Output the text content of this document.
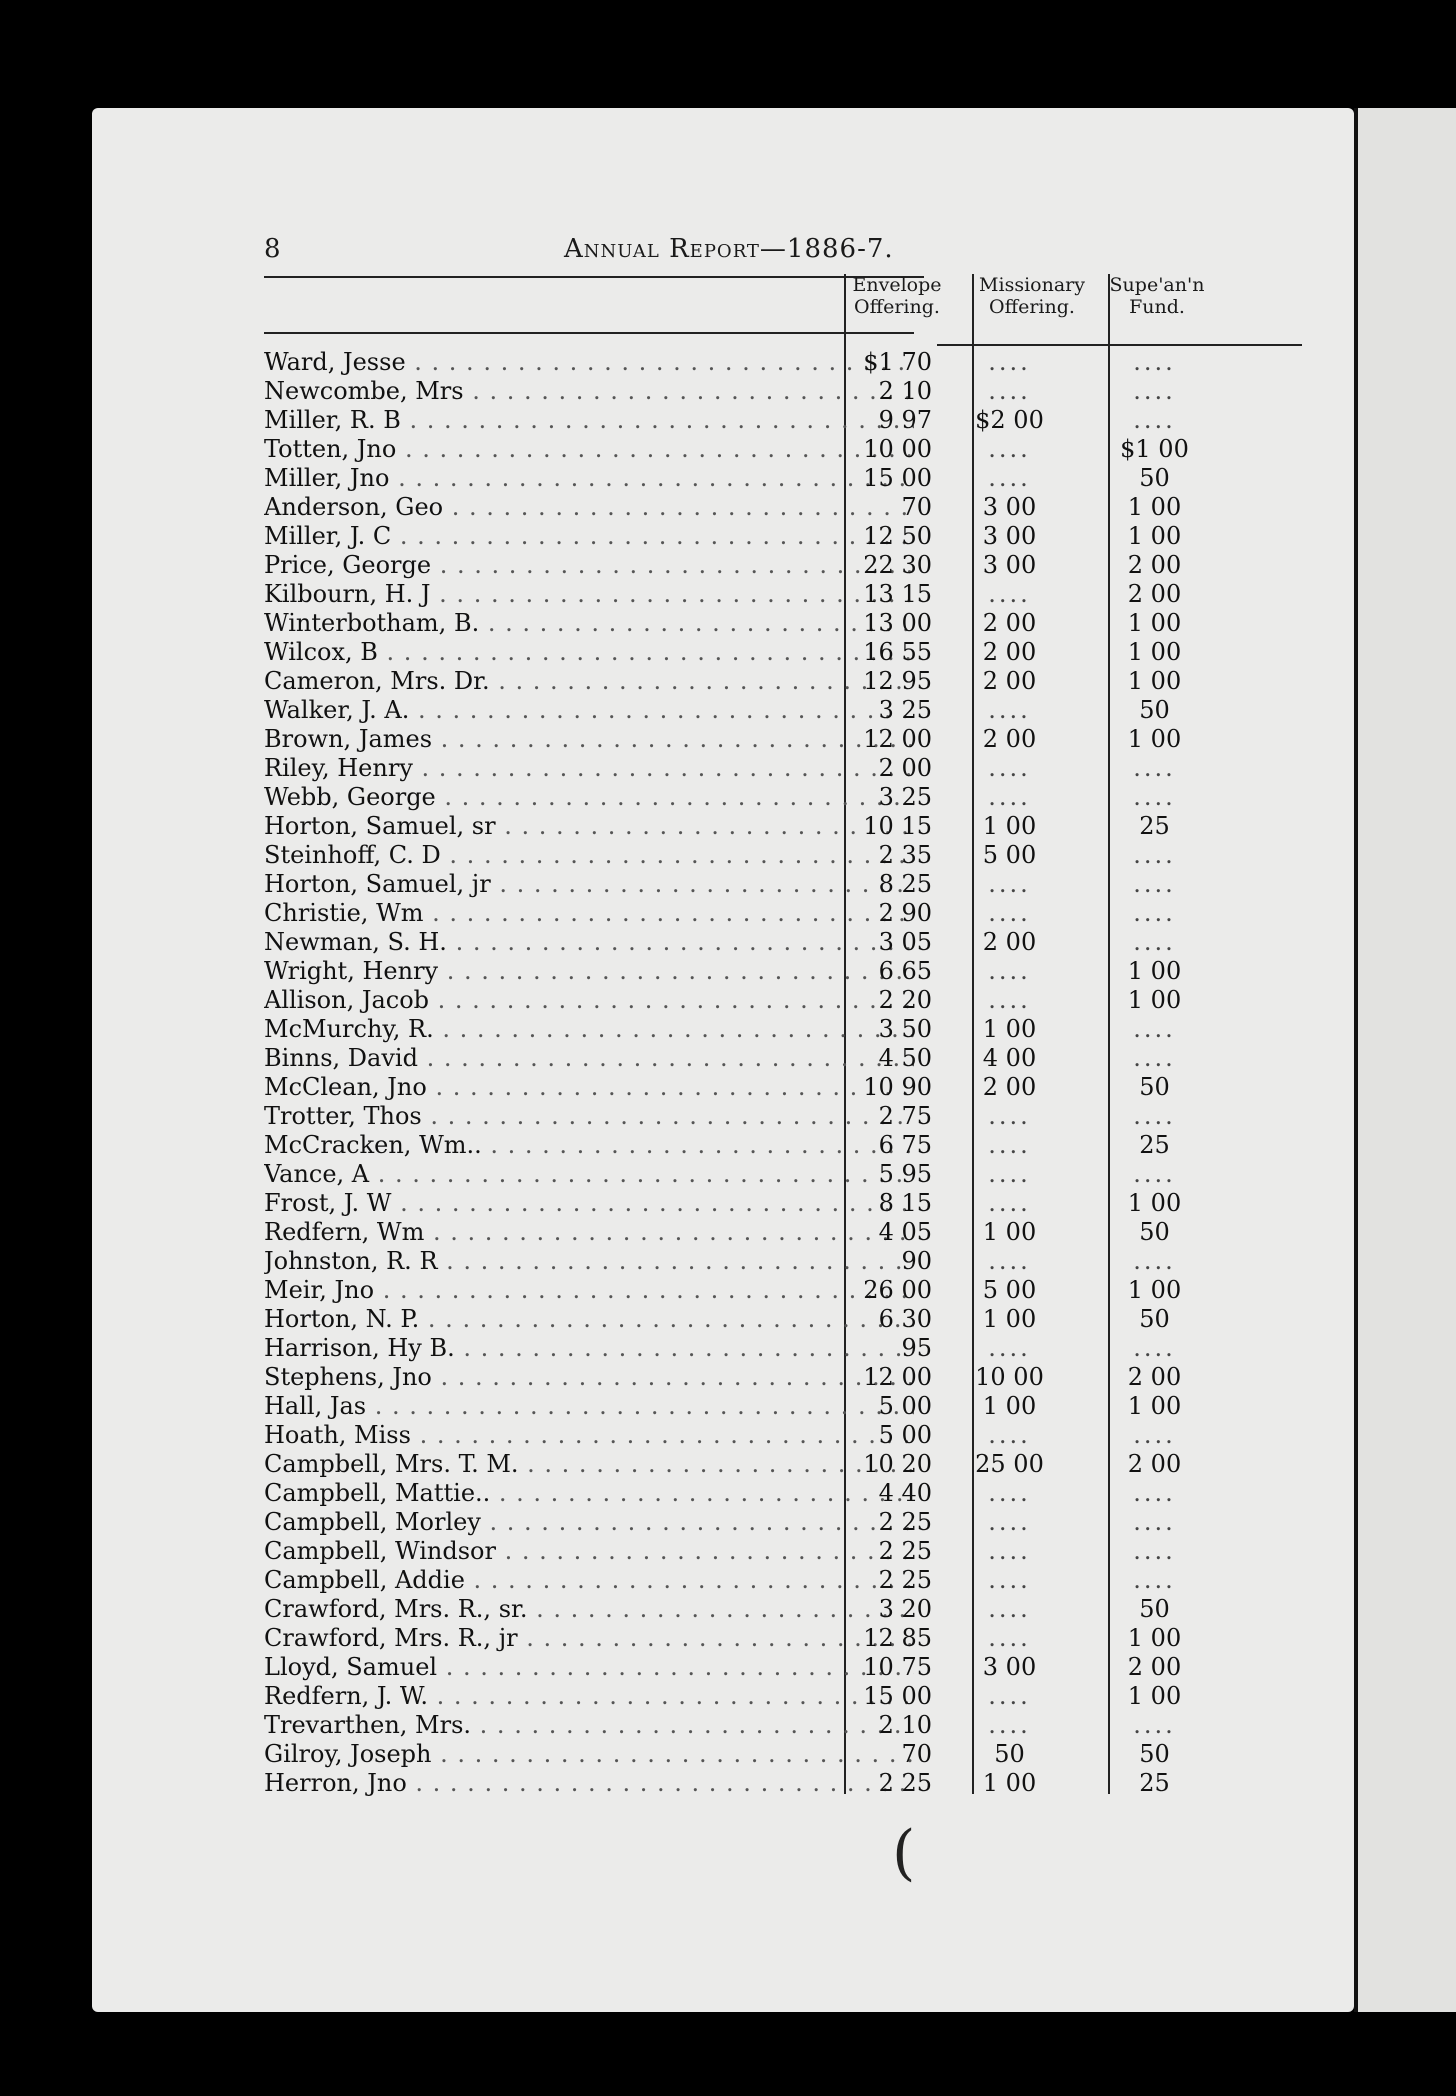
8	Annual Report—1886-7.
Envelope Offering.
Missionary Offering.
Supe'an'n Fund.
Ward, Jesse . . .	$1 70	....	....
Newcombe, Mrs . . .	2 10	....	....
Miller, R. B . . .	9 97	$2 00	....
Totten, Jno . . .	10 00	....	$1 00
Miller, Jno . . .	15 00	....	50
Anderson, Geo . . .	70	3 00	1 00
Miller, J. C . . .	12 50	3 00	1 00
Price, George . . .	22 30	3 00	2 00
Kilbourn, H. J . . .	13 15	....	2 00
Winterbotham, B. . . .	13 00	2 00	1 00
Wilcox, B . . .	16 55	2 00	1 00
Cameron, Mrs. Dr. . . .	12 95	2 00	1 00
Walker, J. A. . . .	3 25	....	50
Brown, James . . .	12 00	2 00	1 00
Riley, Henry . . .	2 00	....	....
Webb, George . . .	3 25	....	....
Horton, Samuel, sr . . .	10 15	1 00	25
Steinhoff, C. D . . .	2 35	5 00	....
Horton, Samuel, jr . . .	8 25	....	....
Christie, Wm . . .	2 90	....	....
Newman, S. H. . . .	3 05	2 00	....
Wright, Henry . . .	6 65	....	1 00
Allison, Jacob . . .	2 20	....	1 00
McMurchy, R. . . .	3 50	1 00	....
Binns, David . . .	4 50	4 00	....
McClean, Jno . . .	10 90	2 00	50
Trotter, Thos . . .	2 75	....	....
McCracken, Wm.. . . .	6 75	....	25
Vance, A . . .	5 95	....	....
Frost, J. W . . .	8 15	....	1 00
Redfern, Wm . . .	4 05	1 00	50
Johnston, R. R . . .	90	....	....
Meir, Jno . . .	26 00	5 00	1 00
Horton, N. P. . . .	6 30	1 00	50
Harrison, Hy B. . . .	95	....	....
Stephens, Jno . . .	12 00	10 00	2 00
Hall, Jas . . .	5 00	1 00	1 00
Hoath, Miss . . .	5 00	....	....
Campbell, Mrs. T. M. . . .	10 20	25 00	2 00
Campbell, Mattie.. . . .	4 40	....	....
Campbell, Morley . . .	2 25	....	....
Campbell, Windsor . . .	2 25	....	....
Campbell, Addie . . .	2 25	....	....
Crawford, Mrs. R., sr. . . .	3 20	....	50
Crawford, Mrs. R., jr . . .	12 85	....	1 00
Lloyd, Samuel . . .	10 75	3 00	2 00
Redfern, J. W. . . .	15 00	....	1 00
Trevarthen, Mrs. . . .	2 10	....	....
Gilroy, Joseph . . .	70	50	50
Herron, Jno . . .	2 25	1 00	25
(
